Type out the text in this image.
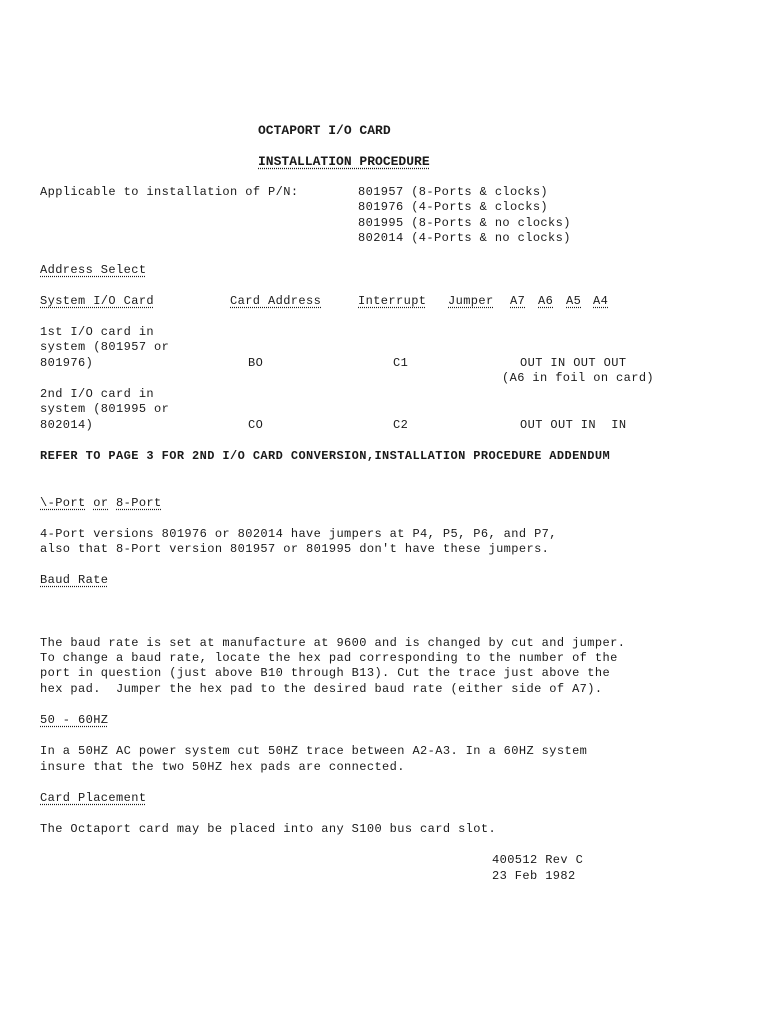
OCTAPORT I/O CARD
INSTALLATION PROCEDURE
Applicable to installation of P/N:	801957 (8-Ports & clocks)
801976 (4-Ports & clocks)
801995 (8-Ports & no clocks)
802014 (4-Ports & no clocks)
Address Select
System I/O Card	Card Address	Interrupt Jumper A7 A6 A5 A4
1st I/O card in
system (801957 or
801976)	BO	C1	OUT IN OUT OUT
(A6 in foil on card)
2nd I/O card in
system (801995 or
802014)	CO	C2	OUT OUT IN  IN
REFER TO PAGE 3 FOR 2ND I/O CARD CONVERSION,INSTALLATION PROCEDURE ADDENDUM
\-Port or 8-Port
4-Port versions 801976 or 802014 have jumpers at P4, P5, P6, and P7,
also that 8-Port version 801957 or 801995 don't have these jumpers.
Baud Rate
The baud rate is set at manufacture at 9600 and is changed by cut and jumper.
To change a baud rate, locate the hex pad corresponding to the number of the
port in question (just above B10 through B13). Cut the trace just above the
hex pad.  Jumper the hex pad to the desired baud rate (either side of A7).
50 - 60HZ
In a 50HZ AC power system cut 50HZ trace between A2-A3. In a 60HZ system
insure that the two 50HZ hex pads are connected.
Card Placement
The Octaport card may be placed into any S100 bus card slot.
400512 Rev C
23 Feb 1982
